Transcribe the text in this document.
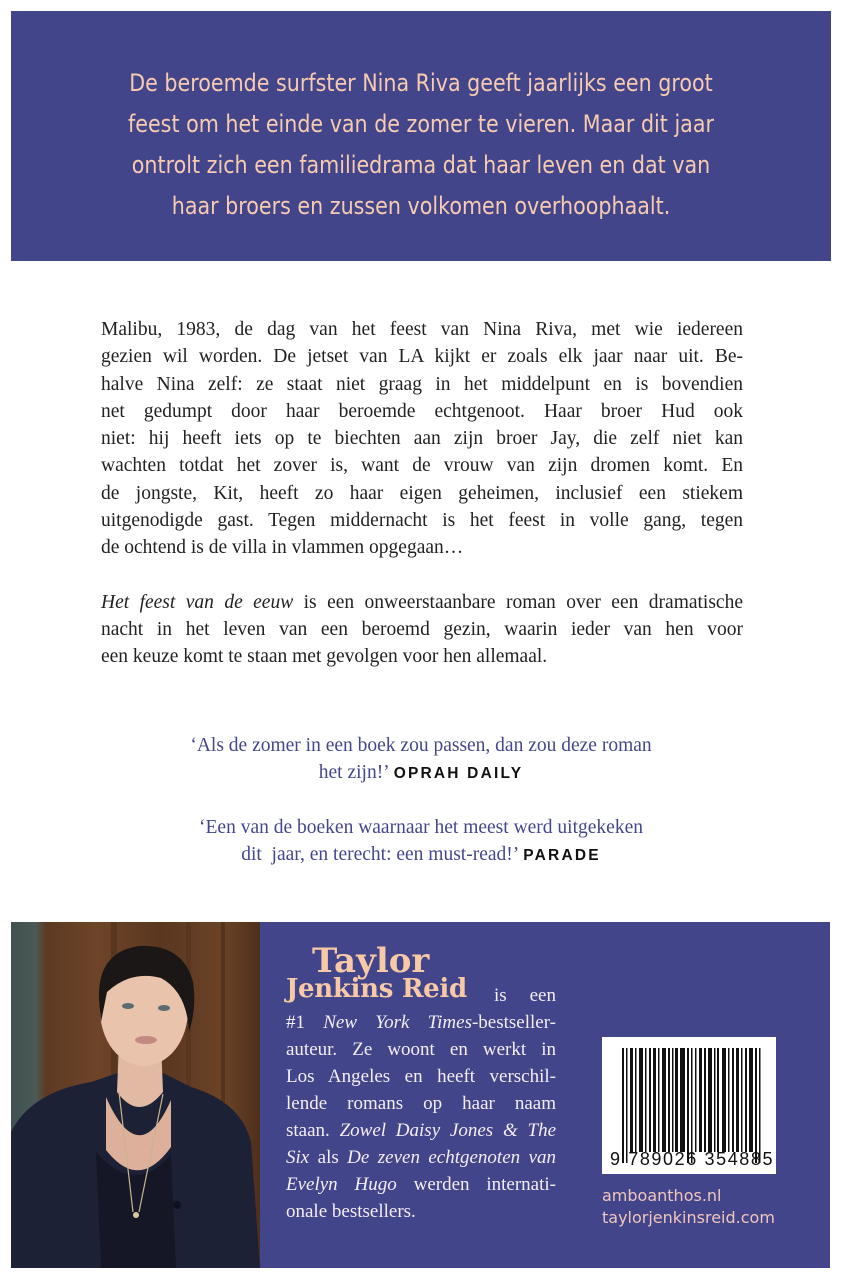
De beroemde surfster Nina Riva geeft jaarlijks een groot
feest om het einde van de zomer te vieren. Maar dit jaar
ontrolt zich een familiedrama dat haar leven en dat van
haar broers en zussen volkomen overhoophaalt.
Malibu, 1983, de dag van het feest van Nina Riva, met wie iedereen
gezien wil worden. De jetset van LA kijkt er zoals elk jaar naar uit. Be-
halve Nina zelf: ze staat niet graag in het middelpunt en is bovendien
net gedumpt door haar beroemde echtgenoot. Haar broer Hud ook
niet: hij heeft iets op te biechten aan zijn broer Jay, die zelf niet kan
wachten totdat het zover is, want de vrouw van zijn dromen komt. En
de jongste, Kit, heeft zo haar eigen geheimen, inclusief een stiekem
uitgenodigde gast. Tegen middernacht is het feest in volle gang, tegen
de ochtend is de villa in vlammen opgegaan…
Het feest van de eeuw is een onweerstaanbare roman over een dramatische
nacht in het leven van een beroemd gezin, waarin ieder van hen voor
een keuze komt te staan met gevolgen voor hen allemaal.
‘Als de zomer in een boek zou passen, dan zou deze roman
het zijn!’ OPRAH DAILY
‘Een van de boeken waarnaar het meest werd uitgekeken
dit  jaar, en terecht: een must-read!’ PARADE
Taylor
Jenkins Reid	is een
#1 New York Times-bestseller-
auteur. Ze woont en werkt in
Los Angeles en heeft verschil-
lende romans op haar naam
staan. Zowel Daisy Jones & The
Six als De zeven echtgenoten van
Evelyn Hugo werden internati-
onale bestsellers.
9 789026 354885
amboanthos.nl
taylorjenkinsreid.com
